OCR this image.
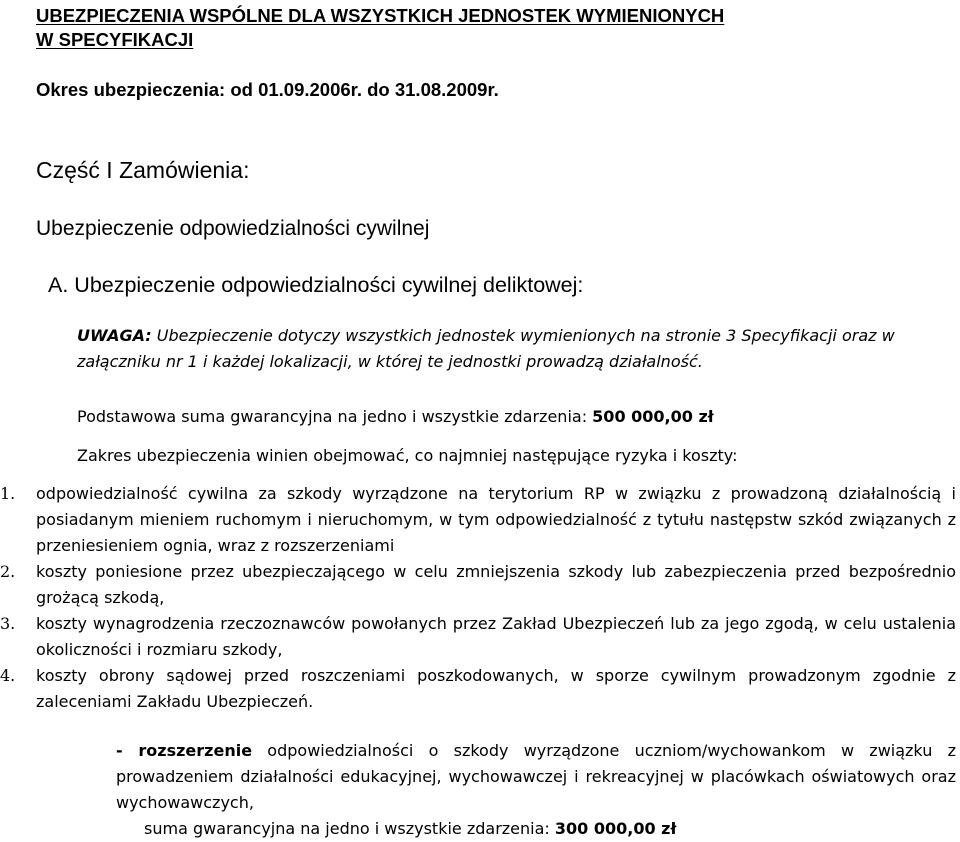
UBEZPIECZENIA WSPÓLNE DLA WSZYSTKICH JEDNOSTEK WYMIENIONYCH
W SPECYFIKACJI
Okres ubezpieczenia: od 01.09.2006r. do 31.08.2009r.
Część I Zamówienia:
Ubezpieczenie odpowiedzialności cywilnej
A. Ubezpieczenie odpowiedzialności cywilnej deliktowej:
UWAGA: Ubezpieczenie dotyczy wszystkich jednostek wymienionych na stronie 3 Specyfikacji oraz w załączniku nr 1 i każdej lokalizacji, w której te jednostki prowadzą działalność.
Podstawowa suma gwarancyjna na jedno i wszystkie zdarzenia: 500 000,00 zł
Zakres ubezpieczenia winien obejmować, co najmniej następujące ryzyka i koszty:
1. odpowiedzialność cywilna za szkody wyrządzone na terytorium RP w związku z prowadzoną działalnością i posiadanym mieniem ruchomym i nieruchomym, w tym odpowiedzialność z tytułu następstw szkód związanych z przeniesieniem ognia, wraz z rozszerzeniami
2. koszty poniesione przez ubezpieczającego w celu zmniejszenia szkody lub zabezpieczenia przed bezpośrednio grożącą szkodą,
3. koszty wynagrodzenia rzeczoznawców powołanych przez Zakład Ubezpieczeń lub za jego zgodą, w celu ustalenia okoliczności i rozmiaru szkody,
4. koszty obrony sądowej przed roszczeniami poszkodowanych, w sporze cywilnym prowadzonym zgodnie z zaleceniami Zakładu Ubezpieczeń.
- rozszerzenie odpowiedzialności o szkody wyrządzone uczniom/wychowankom w związku z prowadzeniem działalności edukacyjnej, wychowawczej i rekreacyjnej w placówkach oświatowych oraz wychowawczych,
suma gwarancyjna na jedno i wszystkie zdarzenia: 300 000,00 zł
